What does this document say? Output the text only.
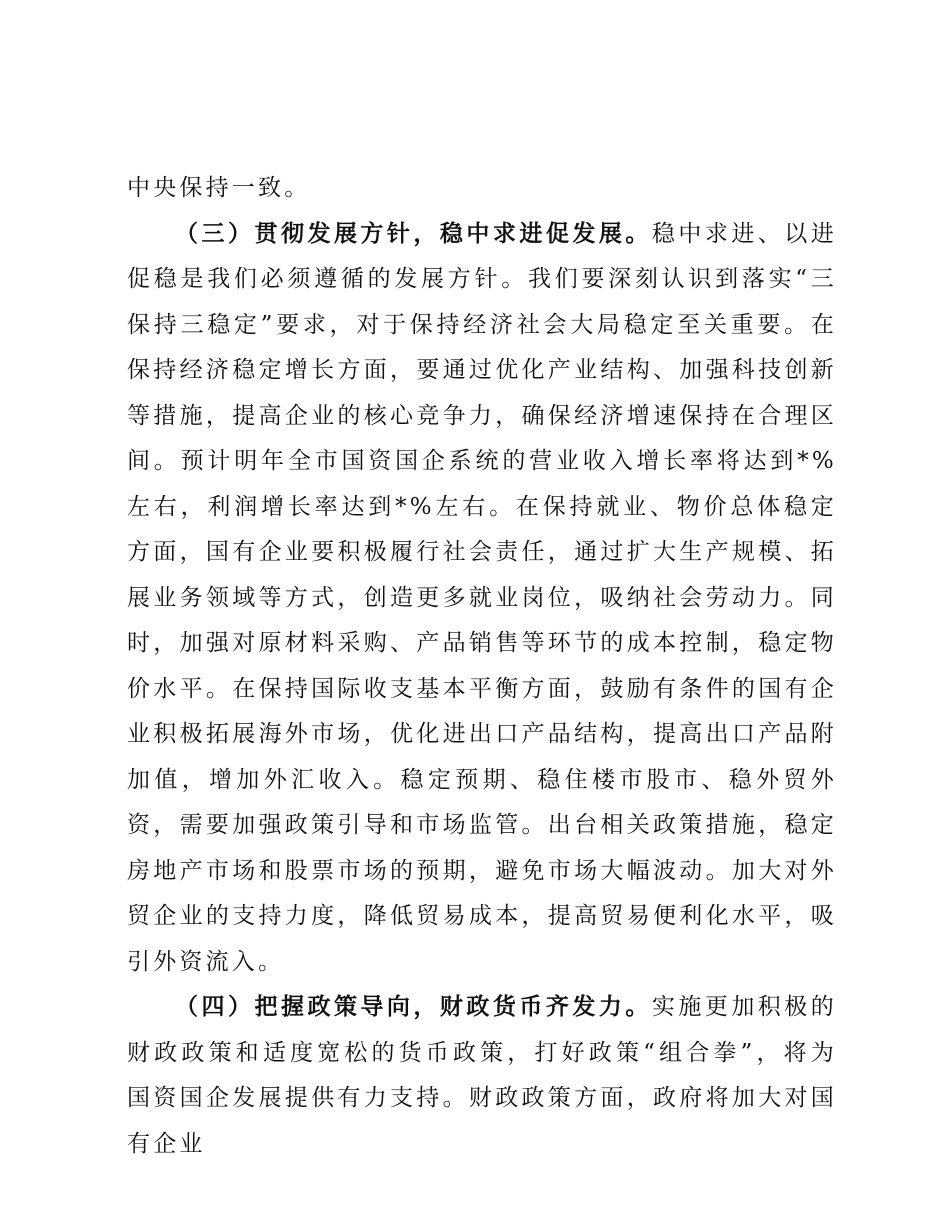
中央保持一致。

（三）贯彻发展方针，稳中求进促发展。稳中求进、以进促稳是我们必须遵循的发展方针。我们要深刻认识到落实“三保持三稳定”要求，对于保持经济社会大局稳定至关重要。在保持经济稳定增长方面，要通过优化产业结构、加强科技创新等措施，提高企业的核心竞争力，确保经济增速保持在合理区间。预计明年全市国资国企系统的营业收入增长率将达到*%左右，利润增长率达到*%左右。在保持就业、物价总体稳定方面，国有企业要积极履行社会责任，通过扩大生产规模、拓展业务领域等方式，创造更多就业岗位，吸纳社会劳动力。同时，加强对原材料采购、产品销售等环节的成本控制，稳定物价水平。在保持国际收支基本平衡方面，鼓励有条件的国有企业积极拓展海外市场，优化进出口产品结构，提高出口产品附加值，增加外汇收入。稳定预期、稳住楼市股市、稳外贸外资，需要加强政策引导和市场监管。出台相关政策措施，稳定房地产市场和股票市场的预期，避免市场大幅波动。加大对外贸企业的支持力度，降低贸易成本，提高贸易便利化水平，吸引外资流入。

（四）把握政策导向，财政货币齐发力。实施更加积极的财政政策和适度宽松的货币政策，打好政策“组合拳”，将为国资国企发展提供有力支持。财政政策方面，政府将加大对国有企业
